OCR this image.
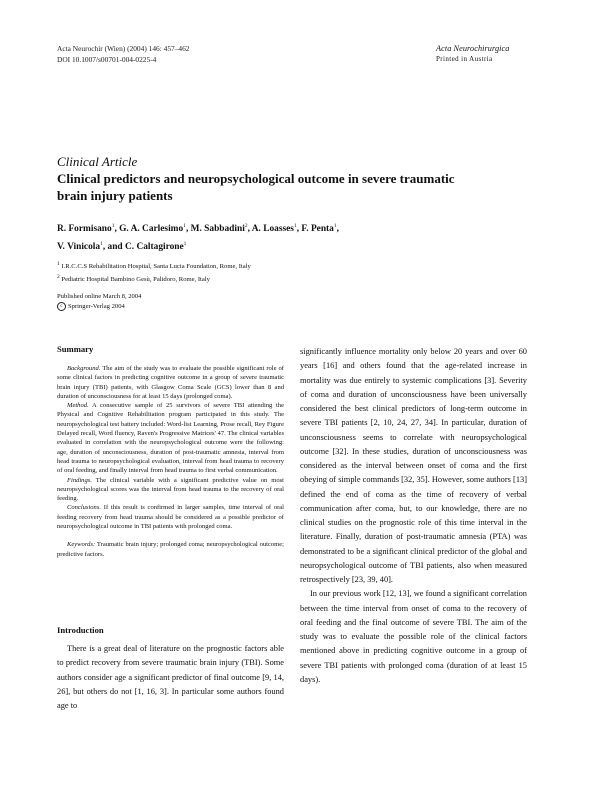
Acta Neurochir (Wien) (2004) 146: 457–462
DOI 10.1007/s00701-004-0225-4
Acta Neurochirurgica
Printed in Austria
Clinical Article
Clinical predictors and neuropsychological outcome in severe traumatic brain injury patients
R. Formisano$^1$, G. A. Carlesimo$^1$, M. Sabbadini$^2$, A. Loasses$^1$, F. Penta$^1$,
V. Vinicola$^1$, and C. Caltagirone$^1$
$^1$ I.R.C.C.S Rehabilitation Hospital, Santa Lucia Foundation, Rome, Italy
$^2$ Pediatric Hospital Bambino Gesù, Palidoro, Rome, Italy
Published online March 8, 2004
cSpringer-Verlag 2004
Summary

Background. The aim of the study was to evaluate the possible significant role of some clinical factors in predicting cognitive outcome in a group of severe traumatic brain injury (TBI) patients, with Glasgow Coma Scale (GCS) lower than 8 and duration of unconsciousness for at least 15 days (prolonged coma).

Method. A consecutive sample of 25 survivors of severe TBI attending the Physical and Cognitive Rehabilitation program participated in this study. The neuropsychological test battery included: Word-list Learning, Prose recall, Rey Figure Delayed recall, Word fluency, Raven's Progressive Matrices' 47. The clinical variables evaluated in correlation with the neuropsychological outcome were the following: age, duration of unconsciousness, duration of post-traumatic amnesia, interval from head trauma to neuropsychological evaluation, interval from head trauma to recovery of oral feeding, and finally interval from head trauma to first verbal communication.

Findings. The clinical variable with a significant predictive value on most neuropsychological scores was the interval from head trauma to the recovery of oral feeding.

Conclusions. If this result is confirmed in larger samples, time interval of oral feeding recovery from head trauma should be considered as a possible predictor of neuropsychological outcome in TBI patients with prolonged coma.

Keywords: Traumatic brain injury; prolonged coma; neuropsychological outcome; predictive factors.

Introduction

There is a great deal of literature on the prognostic factors able to predict recovery from severe traumatic brain injury (TBI). Some authors consider age a significant predictor of final outcome [9, 14, 26], but others do not [1, 16, 3]. In particular some authors found age to

significantly influence mortality only below 20 years and over 60 years [16] and others found that the age-related increase in mortality was due entirely to systemic complications [3]. Severity of coma and duration of unconsciousness have been universally considered the best clinical predictors of long-term outcome in severe TBI patients [2, 10, 24, 27, 34]. In particular, duration of unconsciousness seems to correlate with neuropsychological outcome [32]. In these studies, duration of unconsciousness was considered as the interval between onset of coma and the first obeying of simple commands [32, 35]. However, some authors [13] defined the end of coma as the time of recovery of verbal communication after coma, but, to our knowledge, there are no clinical studies on the prognostic role of this time interval in the literature. Finally, duration of post-traumatic amnesia (PTA) was demonstrated to be a significant clinical predictor of the global and neuropsychological outcome of TBI patients, also when measured retrospectively [23, 39, 40].

In our previous work [12, 13], we found a significant correlation between the time interval from onset of coma to the recovery of oral feeding and the final outcome of severe TBI. The aim of the study was to evaluate the possible role of the clinical factors mentioned above in predicting cognitive outcome in a group of severe TBI patients with prolonged coma (duration of at least 15 days).
